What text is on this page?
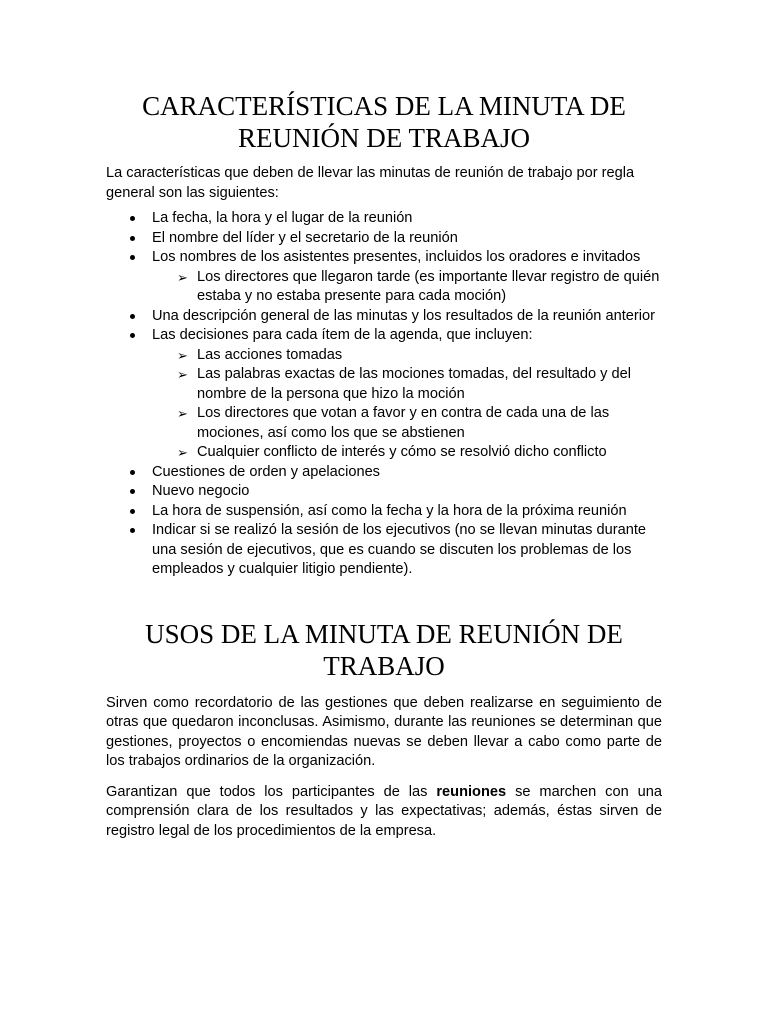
CARACTERÍSTICAS DE LA MINUTA DE REUNIÓN DE TRABAJO

La características que deben de llevar las minutas de reunión de trabajo por regla general son las siguientes:

La fecha, la hora y el lugar de la reunión
El nombre del líder y el secretario de la reunión
Los nombres de los asistentes presentes, incluidos los oradores e invitados
➢ Los directores que llegaron tarde (es importante llevar registro de quién estaba y no estaba presente para cada moción)
Una descripción general de las minutas y los resultados de la reunión anterior
Las decisiones para cada ítem de la agenda, que incluyen:
➢ Las acciones tomadas
➢ Las palabras exactas de las mociones tomadas, del resultado y del nombre de la persona que hizo la moción
➢ Los directores que votan a favor y en contra de cada una de las mociones, así como los que se abstienen
➢ Cualquier conflicto de interés y cómo se resolvió dicho conflicto
Cuestiones de orden y apelaciones
Nuevo negocio
La hora de suspensión, así como la fecha y la hora de la próxima reunión
Indicar si se realizó la sesión de los ejecutivos (no se llevan minutas durante una sesión de ejecutivos, que es cuando se discuten los problemas de los empleados y cualquier litigio pendiente).
USOS DE LA MINUTA DE REUNIÓN DE TRABAJO

Sirven como recordatorio de las gestiones que deben realizarse en seguimiento de otras que quedaron inconclusas. Asimismo, durante las reuniones se determinan que gestiones, proyectos o encomiendas nuevas se deben llevar a cabo como parte de los trabajos ordinarios de la organización.

Garantizan que todos los participantes de las reuniones se marchen con una comprensión clara de los resultados y las expectativas; además, éstas sirven de registro legal de los procedimientos de la empresa.
